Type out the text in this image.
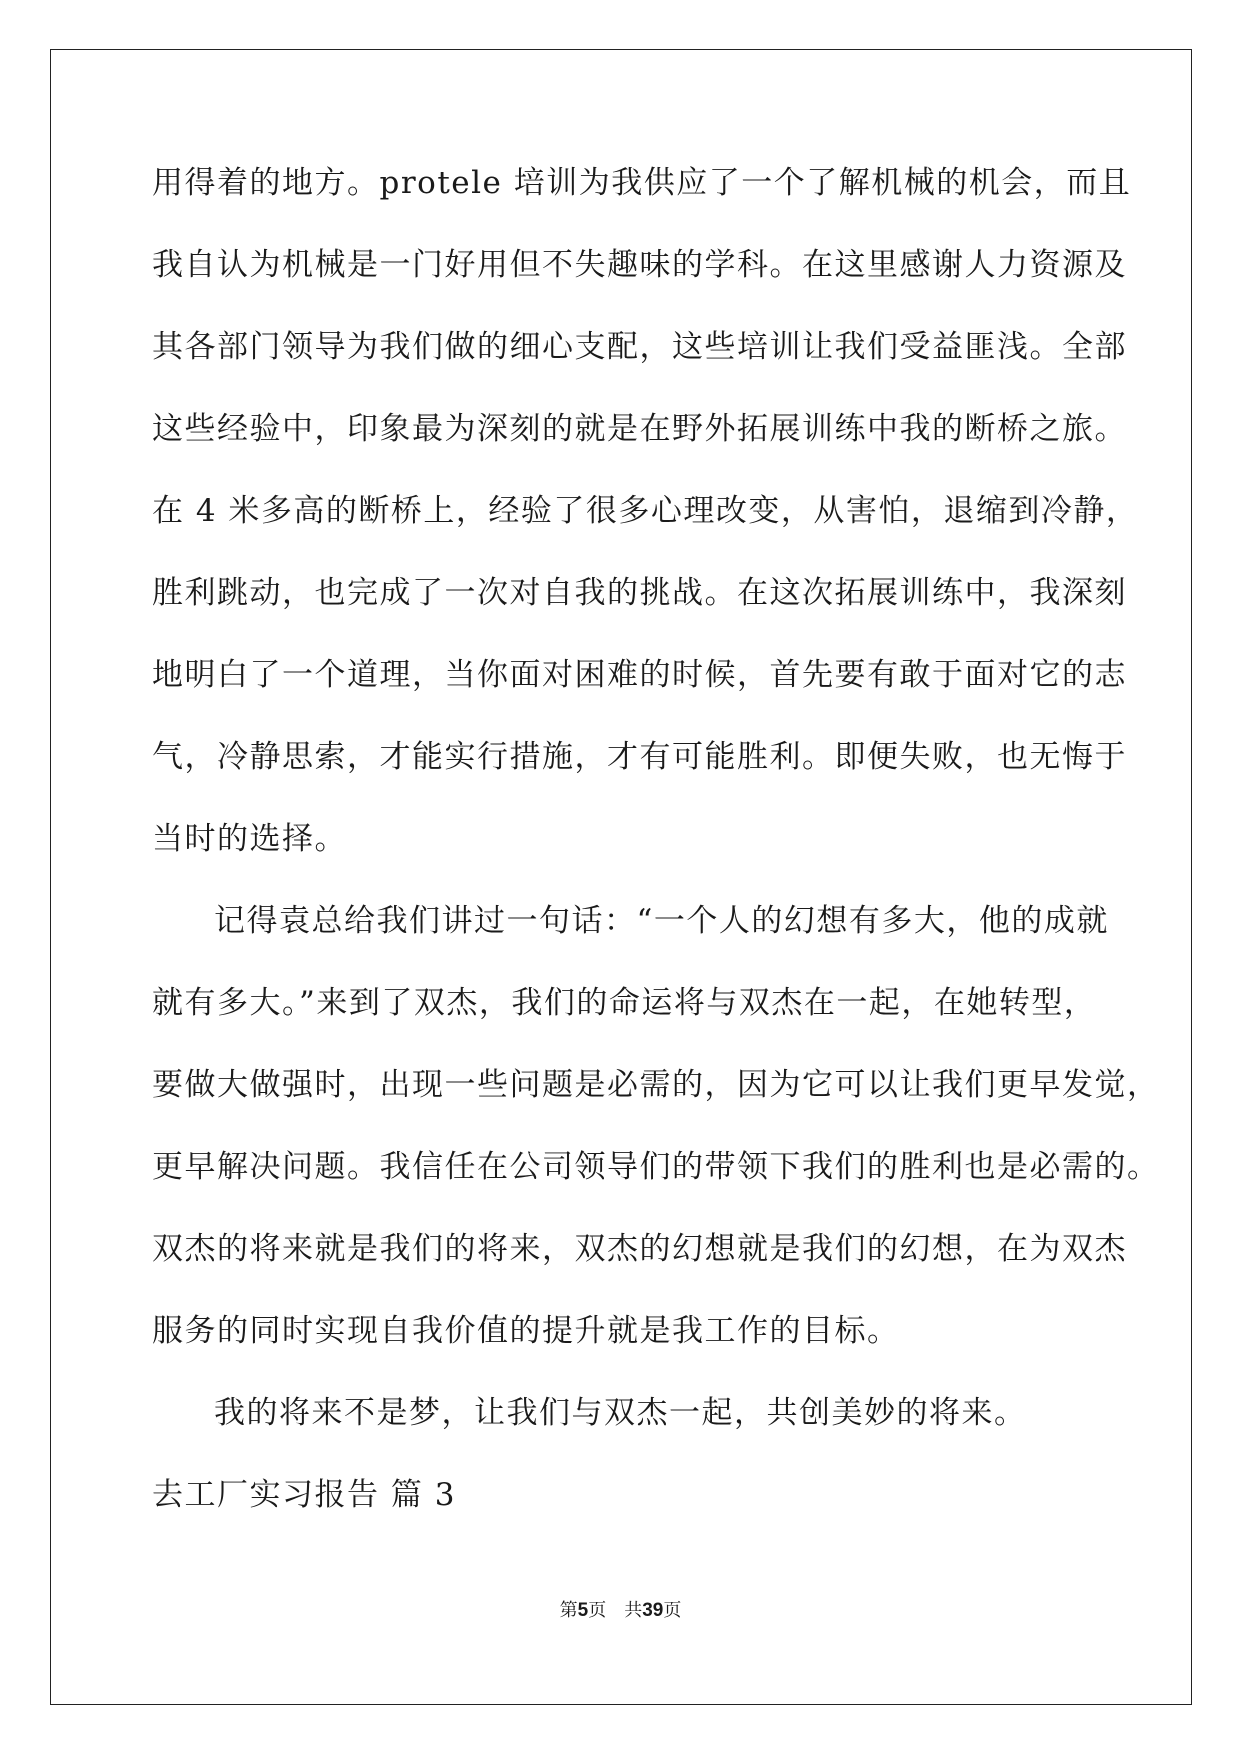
用得着的地方。protele 培训为我供应了一个了解机械的机会，而且
我自认为机械是一门好用但不失趣味的学科。在这里感谢人力资源及
其各部门领导为我们做的细心支配，这些培训让我们受益匪浅。全部
这些经验中，印象最为深刻的就是在野外拓展训练中我的断桥之旅。
在 4 米多高的断桥上，经验了很多心理改变，从害怕，退缩到冷静，
胜利跳动，也完成了一次对自我的挑战。在这次拓展训练中，我深刻
地明白了一个道理，当你面对困难的时候，首先要有敢于面对它的志
气，冷静思索，才能实行措施，才有可能胜利。即便失败，也无悔于
当时的选择。
记得袁总给我们讲过一句话：“一个人的幻想有多大，他的成就
就有多大。”来到了双杰，我们的命运将与双杰在一起，在她转型，
要做大做强时，出现一些问题是必需的，因为它可以让我们更早发觉，
更早解决问题。我信任在公司领导们的带领下我们的胜利也是必需的。
双杰的将来就是我们的将来，双杰的幻想就是我们的幻想，在为双杰
服务的同时实现自我价值的提升就是我工作的目标。
我的将来不是梦，让我们与双杰一起，共创美妙的将来。
去工厂实习报告 篇 3
第5页 共39页
